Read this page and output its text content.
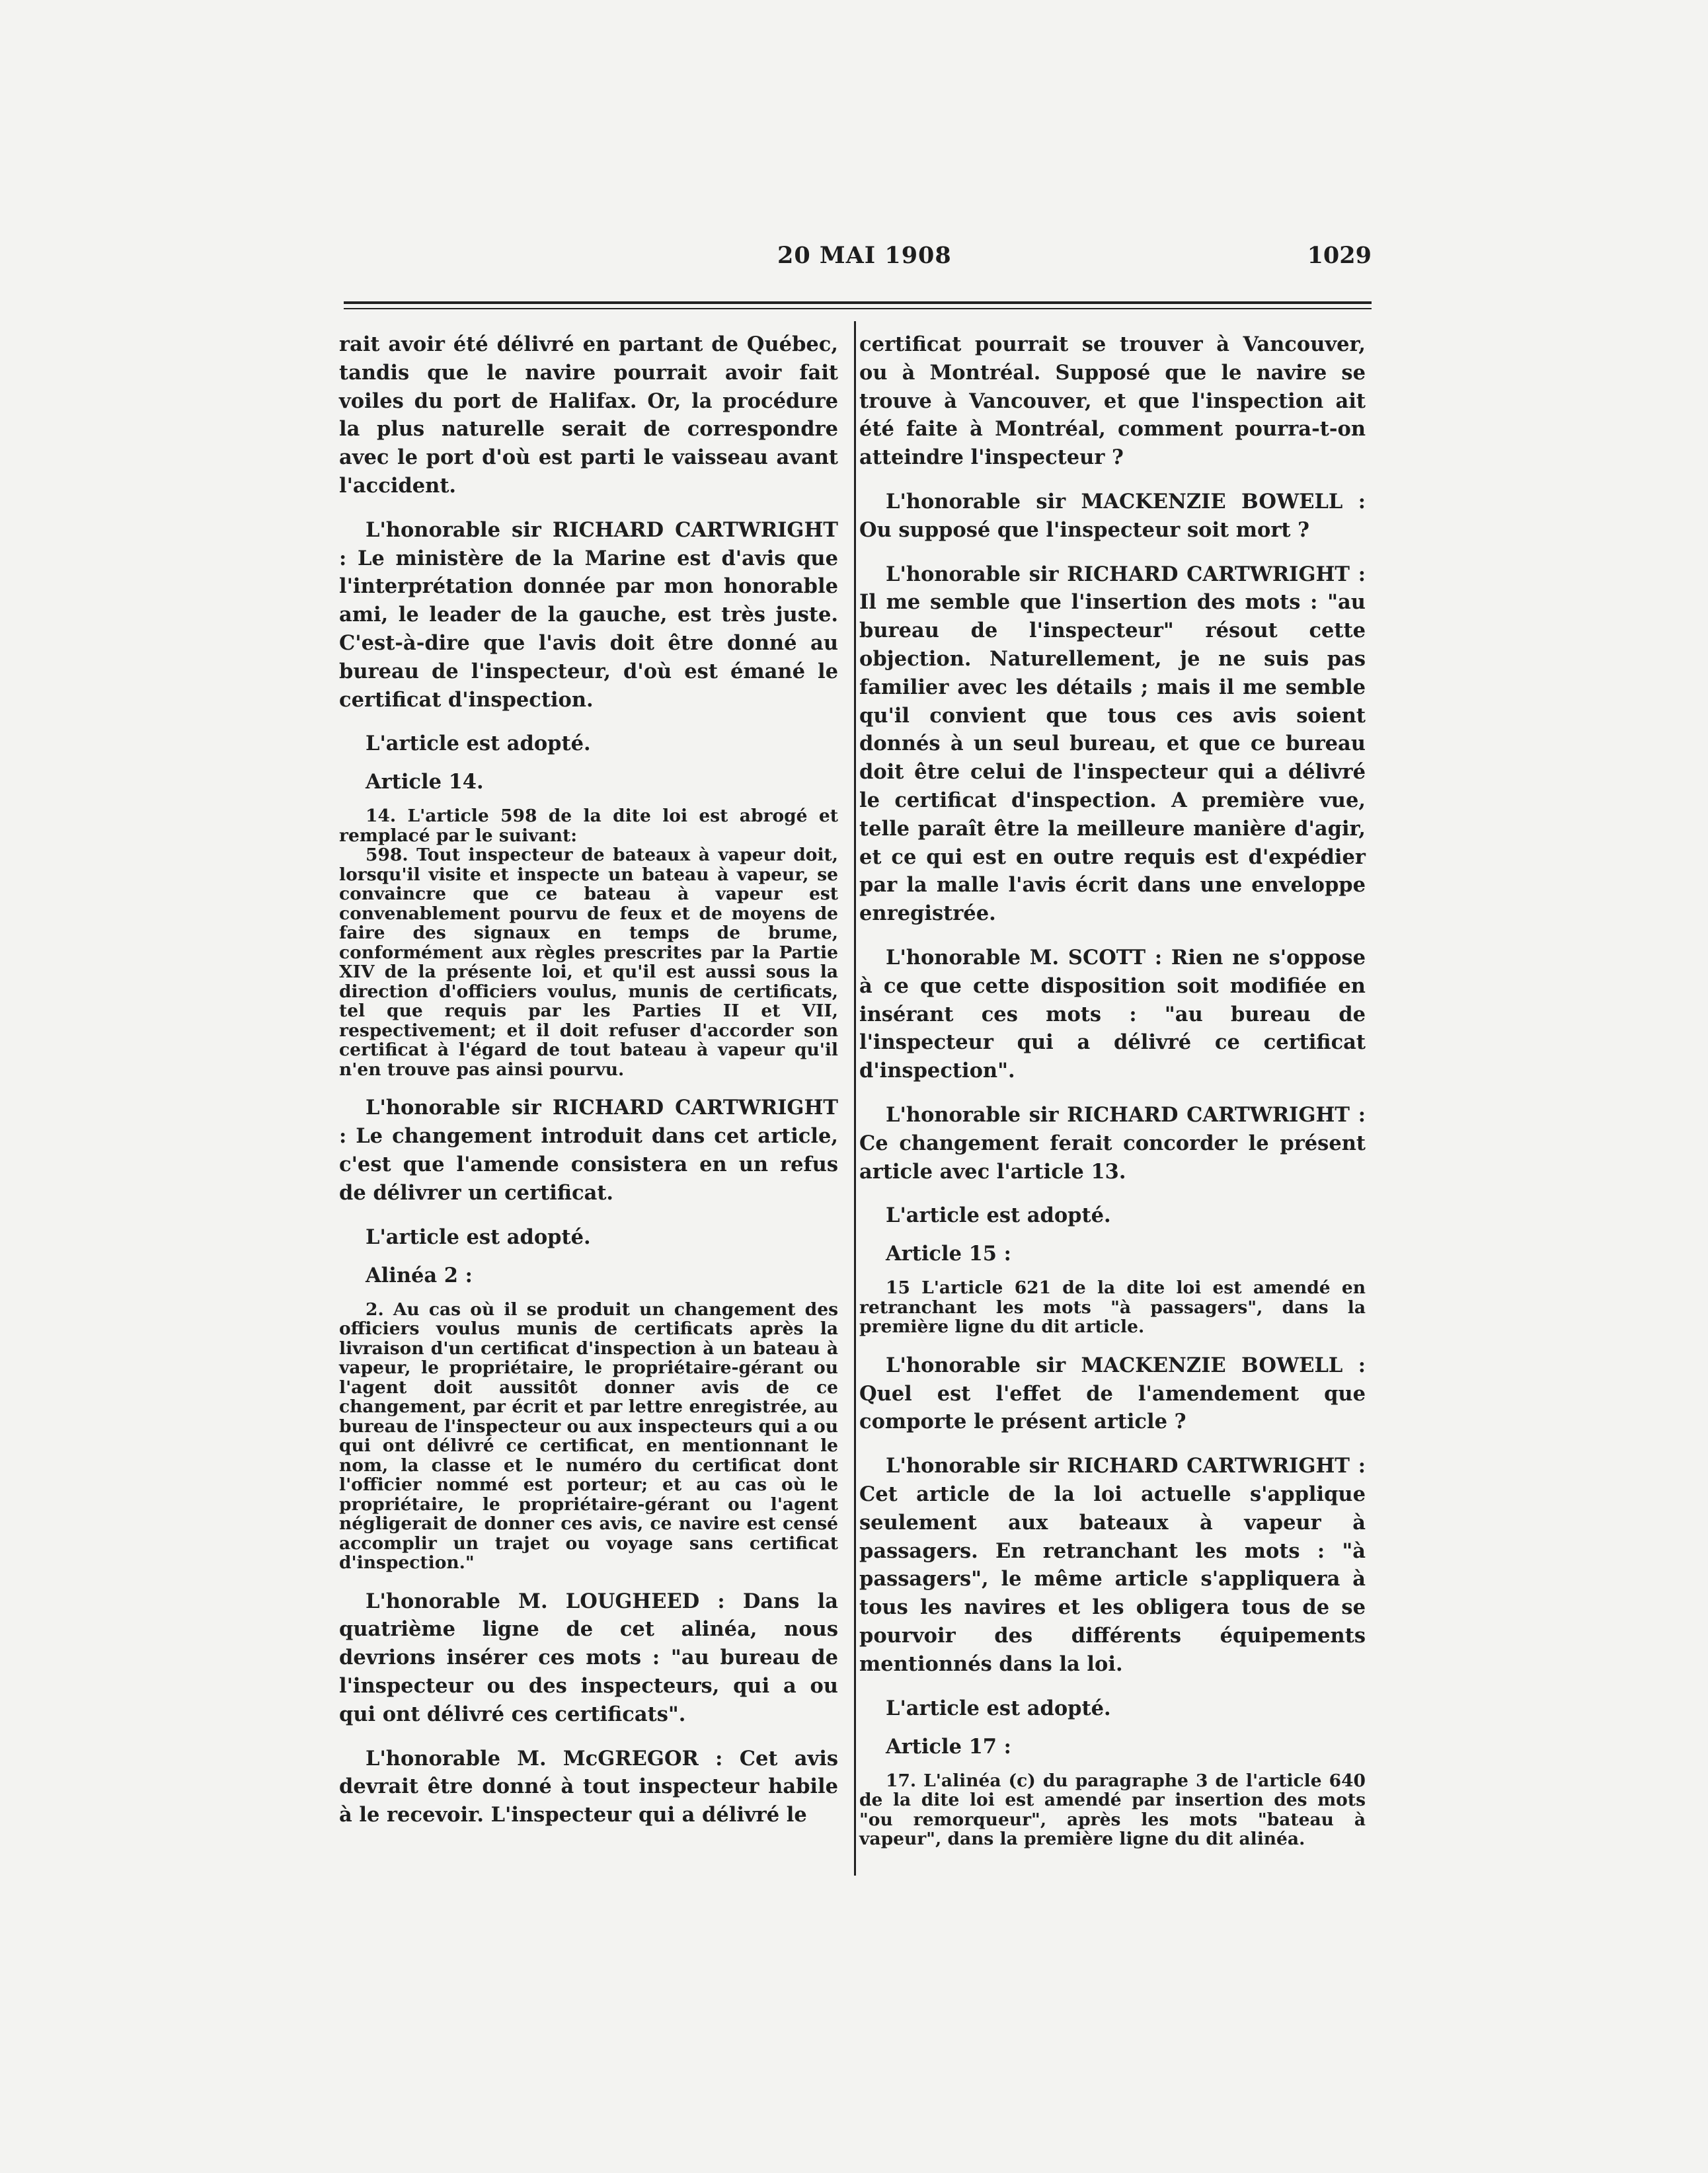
20 MAI 1908	1029

rait avoir été délivré en partant de Québec, tandis que le navire pourrait avoir fait voiles du port de Halifax. Or, la procédure la plus naturelle serait de correspondre avec le port d'où est parti le vaisseau avant l'accident.

L'honorable sir RICHARD CARTWRIGHT : Le ministère de la Marine est d'avis que l'interprétation donnée par mon honorable ami, le leader de la gauche, est très juste. C'est-à-dire que l'avis doit être donné au bureau de l'inspecteur, d'où est émané le certificat d'inspection.

L'article est adopté.

Article 14.

14. L'article 598 de la dite loi est abrogé et remplacé par le suivant:
598. Tout inspecteur de bateaux à vapeur doit, lorsqu'il visite et inspecte un bateau à vapeur, se convaincre que ce bateau à vapeur est convenablement pourvu de feux et de moyens de faire des signaux en temps de brume, conformément aux règles prescrites par la Partie XIV de la présente loi, et qu'il est aussi sous la direction d'officiers voulus, munis de certificats, tel que requis par les Parties II et VII, respectivement; et il doit refuser d'accorder son certificat à l'égard de tout bateau à vapeur qu'il n'en trouve pas ainsi pourvu.

L'honorable sir RICHARD CARTWRIGHT : Le changement introduit dans cet article, c'est que l'amende consistera en un refus de délivrer un certificat.

L'article est adopté.

Alinéa 2 :

2. Au cas où il se produit un changement des officiers voulus munis de certificats après la livraison d'un certificat d'inspection à un bateau à vapeur, le propriétaire, le propriétaire-gérant ou l'agent doit aussitôt donner avis de ce changement, par écrit et par lettre enregistrée, au bureau de l'inspecteur ou aux inspecteurs qui a ou qui ont délivré ce certificat, en mentionnant le nom, la classe et le numéro du certificat dont l'officier nommé est porteur; et au cas où le propriétaire, le propriétaire-gérant ou l'agent négligerait de donner ces avis, ce navire est censé accomplir un trajet ou voyage sans certificat d'inspection."

L'honorable M. LOUGHEED : Dans la quatrième ligne de cet alinéa, nous devrions insérer ces mots : "au bureau de l'inspecteur ou des inspecteurs, qui a ou qui ont délivré ces certificats".

L'honorable M. McGREGOR : Cet avis devrait être donné à tout inspecteur habile à le recevoir. L'inspecteur qui a délivré le

certificat pourrait se trouver à Vancouver, ou à Montréal. Supposé que le navire se trouve à Vancouver, et que l'inspection ait été faite à Montréal, comment pourra-t-on atteindre l'inspecteur ?

L'honorable sir MACKENZIE BOWELL : Ou supposé que l'inspecteur soit mort ?

L'honorable sir RICHARD CARTWRIGHT : Il me semble que l'insertion des mots : "au bureau de l'inspecteur" résout cette objection. Naturellement, je ne suis pas familier avec les détails ; mais il me semble qu'il convient que tous ces avis soient donnés à un seul bureau, et que ce bureau doit être celui de l'inspecteur qui a délivré le certificat d'inspection. A première vue, telle paraît être la meilleure manière d'agir, et ce qui est en outre requis est d'expédier par la malle l'avis écrit dans une enveloppe enregistrée.

L'honorable M. SCOTT : Rien ne s'oppose à ce que cette disposition soit modifiée en insérant ces mots : "au bureau de l'inspecteur qui a délivré ce certificat d'inspection".

L'honorable sir RICHARD CARTWRIGHT : Ce changement ferait concorder le présent article avec l'article 13.

L'article est adopté.

Article 15 :

15 L'article 621 de la dite loi est amendé en retranchant les mots "à passagers", dans la première ligne du dit article.

L'honorable sir MACKENZIE BOWELL : Quel est l'effet de l'amendement que comporte le présent article ?

L'honorable sir RICHARD CARTWRIGHT : Cet article de la loi actuelle s'applique seulement aux bateaux à vapeur à passagers. En retranchant les mots : "à passagers", le même article s'appliquera à tous les navires et les obligera tous de se pourvoir des différents équipements mentionnés dans la loi.

L'article est adopté.

Article 17 :

17. L'alinéa (c) du paragraphe 3 de l'article 640 de la dite loi est amendé par insertion des mots "ou remorqueur", après les mots "bateau à vapeur", dans la première ligne du dit alinéa.
